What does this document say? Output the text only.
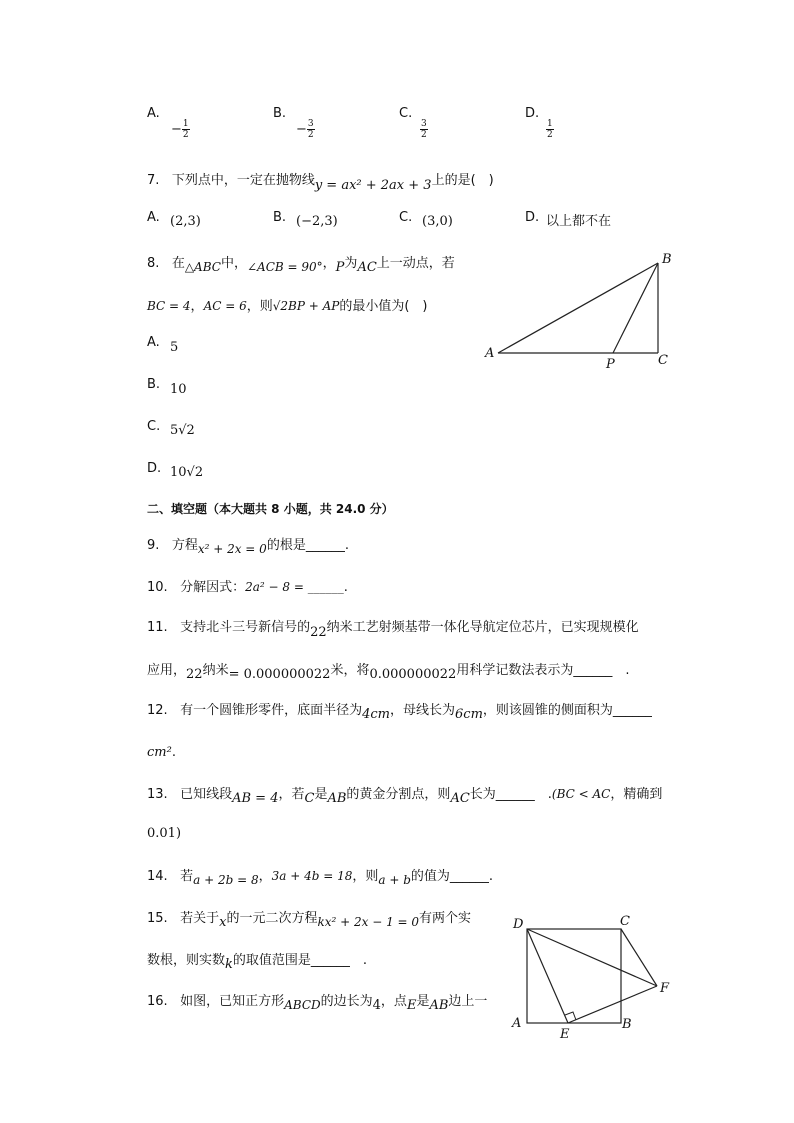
A.
− $\frac{1}{2}$
B.
− $\frac{3}{2}$
C.
$\frac{3}{2}$
D.
$\frac{1}{2}$
7. 下列点中，一定在抛物线y = ax² + 2ax + 3上的是(　)
A. (2,3)	B. (−2,3)	C. (3,0)	D. 以上都不在
8. 在△ABC中，∠ACB = 90°，P为AC上一动点，若
BC = 4，AC = 6，则√2BP + AP的最小值为(　)
A. 5
B. 10
C. 5√2
D. 10√2
A
B
C
P
二、填空题（本大题共 8 小题，共 24.0 分）
9. 方程x² + 2x = 0的根是______.
10. 分解因式：2a² − 8 = ______.
11. 支持北斗三号新信号的22纳米工艺射频基带一体化导航定位芯片，已实现规模化
应用，22纳米= 0.000000022米，将0.000000022用科学记数法表示为______　.
12. 有一个圆锥形零件，底面半径为4cm，母线长为6cm，则该圆锥的侧面积为______
cm².
13. 已知线段AB = 4，若C是AB的黄金分割点，则AC长为______　.(BC < AC，精确到
0.01)
14. 若a + 2b = 8，3a + 4b = 18，则a + b的值为______.
15. 若关于x的一元二次方程kx² + 2x − 1 = 0有两个实
数根，则实数k的取值范围是______　.
16. 如图，已知正方形ABCD的边长为4，点E是AB边上一
D	C
F
A	B
E
